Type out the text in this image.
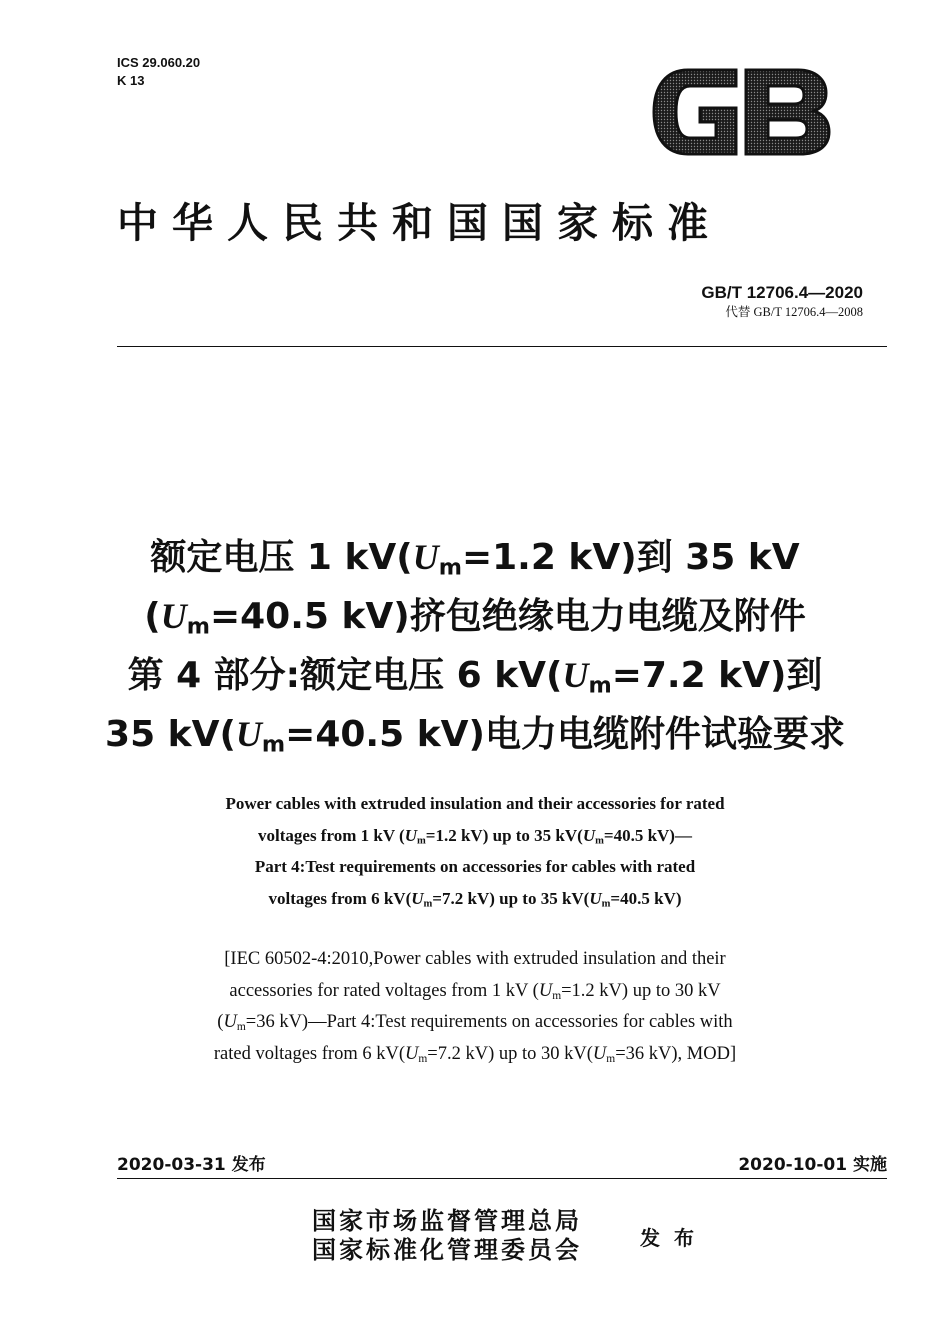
ICS 29.060.20
K 13
中华人民共和国国家标准
GB/T 12706.4—2020
代替 GB/T 12706.4—2008
额定电压 1 $kV(U_m=1.2$ kV)到 35 kV
($U_m=40.5$ kV)挤包绝缘电力电缆及附件
第 4 部分:额定电压 6 $kV(U_m=7.2$ kV)到
35 $kV(U_m=40.5$ kV)电力电缆附件试验要求
Power cables with extruded insulation and their accessories for rated
voltages from 1 kV ($U_m=1.2$ kV) up to 35 $kV(U_m=40.5$ kV)—
Part 4:Test requirements on accessories for cables with rated
voltages from 6 $kV(U_m=7.2$ kV) up to 35 $kV(U_m=40.5$ kV)
[IEC 60502-4:2010,Power cables with extruded insulation and their
accessories for rated voltages from 1 kV ($U_m=1.2$ kV) up to 30 kV
($U_m=36$ kV)—Part 4:Test requirements on accessories for cables with
rated voltages from 6 $kV(U_m=7.2$ kV) up to 30 $kV(U_m=36$ kV), MOD]
2020-03-31 发布	2020-10-01 实施
国家市场监督管理总局
国家标准化管理委员会	发布
